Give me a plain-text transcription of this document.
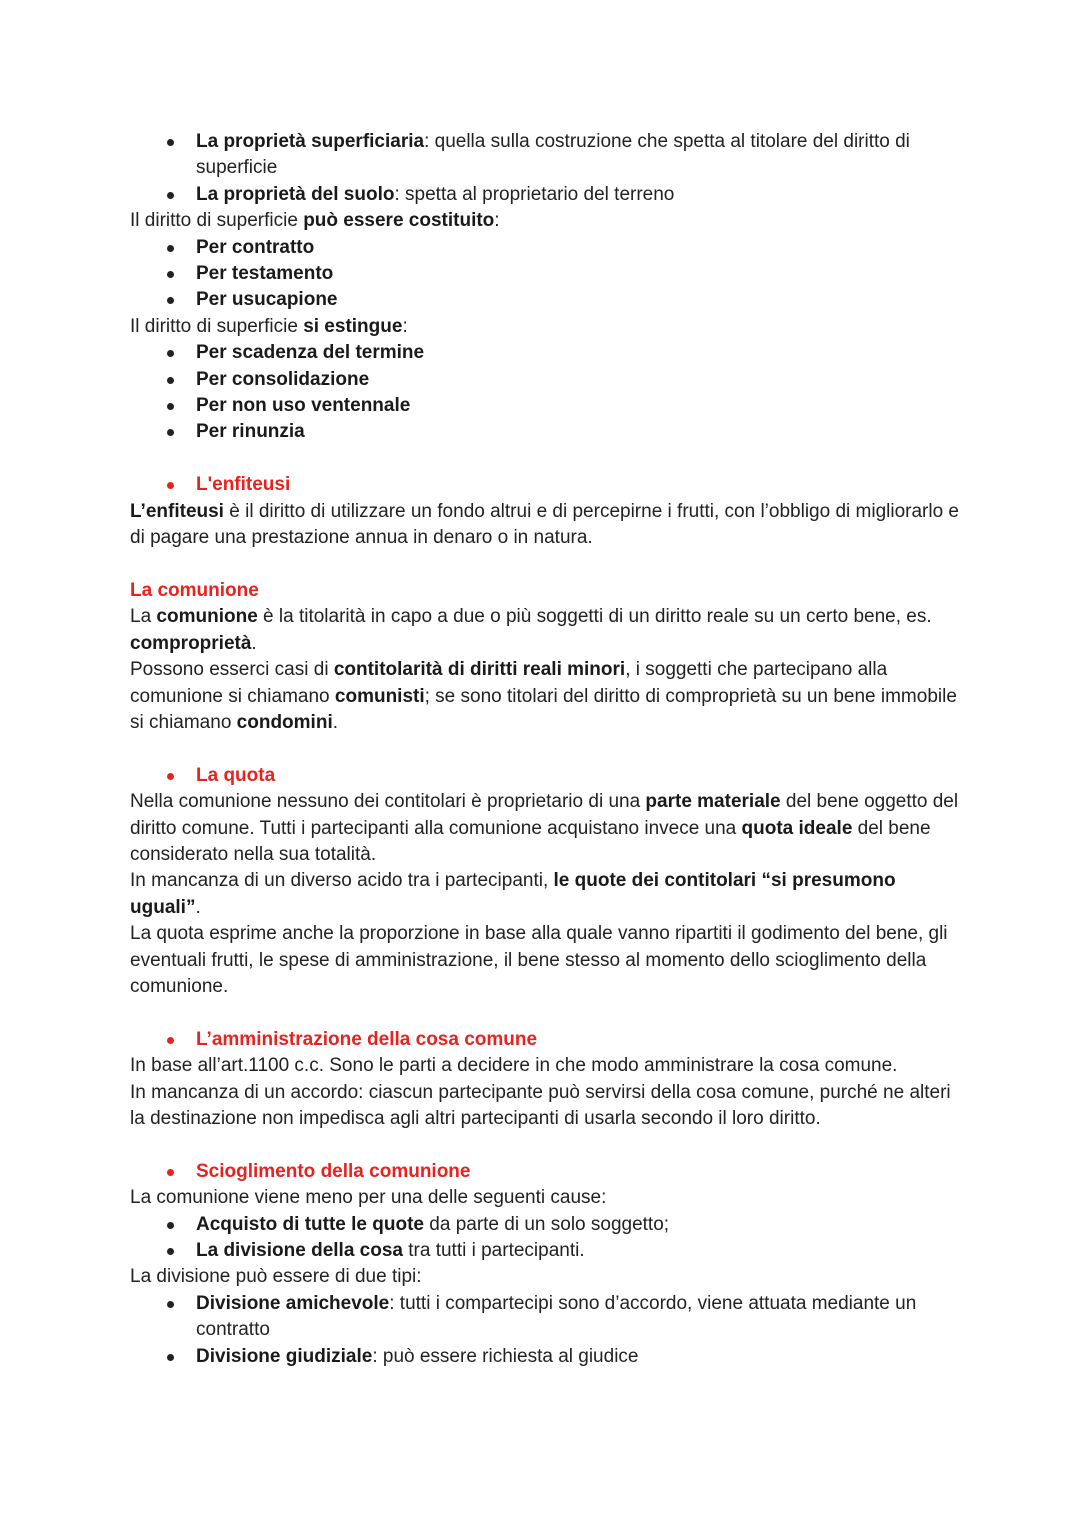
La proprietà superficiaria: quella sulla costruzione che spetta al titolare del diritto di superficie
La proprietà del suolo: spetta al proprietario del terreno

Il diritto di superficie può essere costituito:

Per contratto
Per testamento
Per usucapione

Il diritto di superficie si estingue:

Per scadenza del termine
Per consolidazione
Per non uso ventennale
Per rinunzia
L'enfiteusi

L’enfiteusi è il diritto di utilizzare un fondo altrui e di percepirne i frutti, con l’obbligo di migliorarlo e di pagare una prestazione annua in denaro o in natura.

La comunione

La comunione è la titolarità in capo a due o più soggetti di un diritto reale su un certo bene, es. comproprietà.

Possono esserci casi di contitolarità di diritti reali minori, i soggetti che partecipano alla comunione si chiamano comunisti; se sono titolari del diritto di comproprietà su un bene immobile si chiamano condomini.

La quota

Nella comunione nessuno dei contitolari è proprietario di una parte materiale del bene oggetto del diritto comune. Tutti i partecipanti alla comunione acquistano invece una quota ideale del bene considerato nella sua totalità.

In mancanza di un diverso acido tra i partecipanti, le quote dei contitolari “si presumono uguali”.

La quota esprime anche la proporzione in base alla quale vanno ripartiti il godimento del bene, gli eventuali frutti, le spese di amministrazione, il bene stesso al momento dello scioglimento della comunione.

L’amministrazione della cosa comune

In base all’art.1100 c.c. Sono le parti a decidere in che modo amministrare la cosa comune.

In mancanza di un accordo: ciascun partecipante può servirsi della cosa comune, purché ne alteri la destinazione non impedisca agli altri partecipanti di usarla secondo il loro diritto.

Scioglimento della comunione

La comunione viene meno per una delle seguenti cause:

Acquisto di tutte le quote da parte di un solo soggetto;
La divisione della cosa tra tutti i partecipanti.

La divisione può essere di due tipi:

Divisione amichevole: tutti i compartecipi sono d’accordo, viene attuata mediante un contratto
Divisione giudiziale: può essere richiesta al giudice
